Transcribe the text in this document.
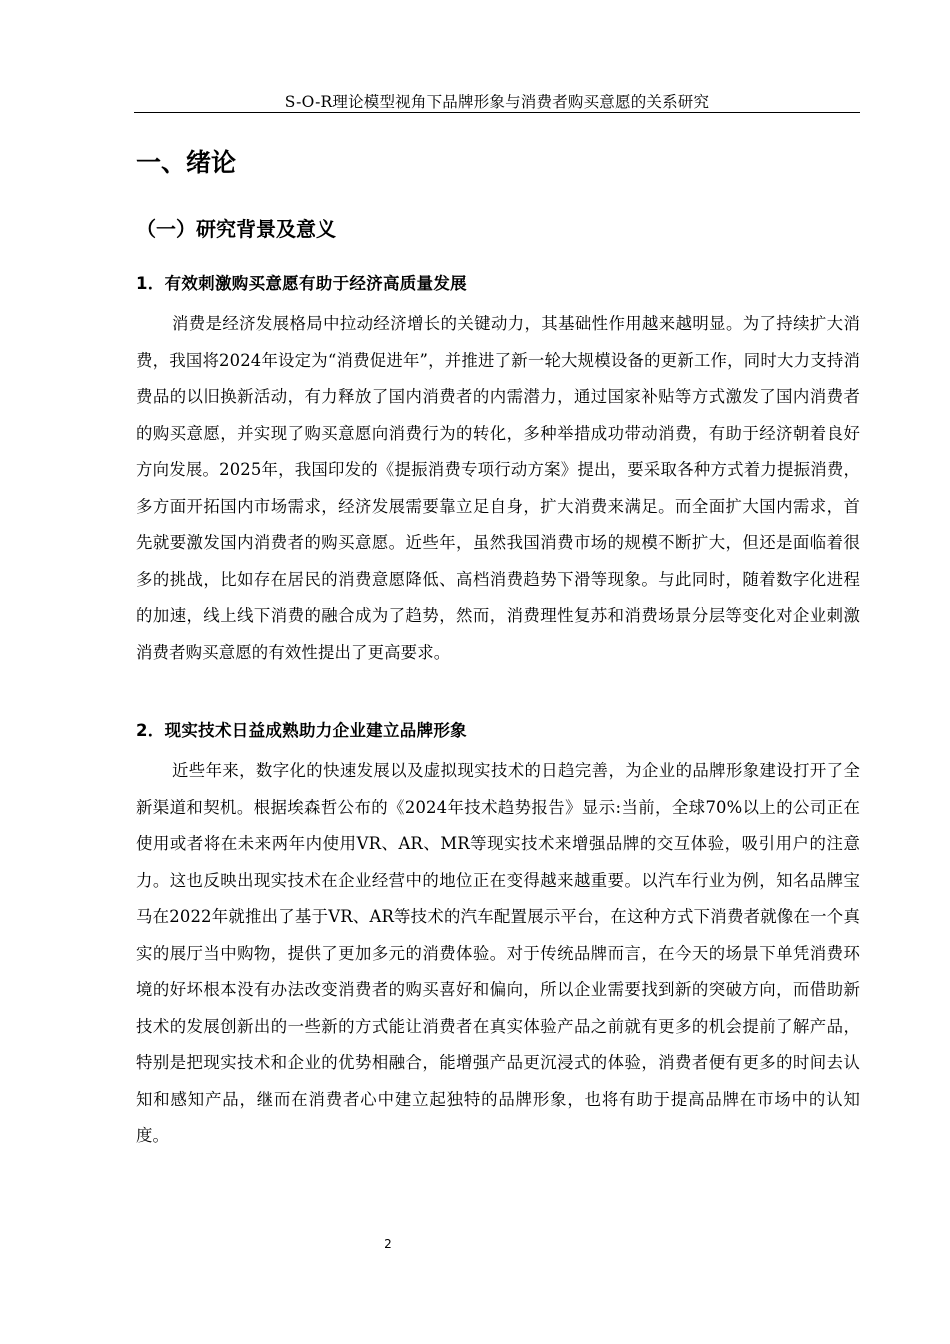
S-O-R理论模型视角下品牌形象与消费者购买意愿的关系研究
一、绪论
（一）研究背景及意义
1．有效刺激购买意愿有助于经济高质量发展

消费是经济发展格局中拉动经济增长的关键动力，其基础性作用越来越明显。为了持续扩大消费，我国将2024年设定为“消费促进年”，并推进了新一轮大规模设备的更新工作，同时大力支持消费品的以旧换新活动，有力释放了国内消费者的内需潜力，通过国家补贴等方式激发了国内消费者的购买意愿，并实现了购买意愿向消费行为的转化，多种举措成功带动消费，有助于经济朝着良好方向发展。2025年，我国印发的《提振消费专项行动方案》提出，要采取各种方式着力提振消费，多方面开拓国内市场需求，经济发展需要靠立足自身，扩大消费来满足。而全面扩大国内需求，首先就要激发国内消费者的购买意愿。近些年，虽然我国消费市场的规模不断扩大，但还是面临着很多的挑战，比如存在居民的消费意愿降低、高档消费趋势下滑等现象。与此同时，随着数字化进程的加速，线上线下消费的融合成为了趋势，然而，消费理性复苏和消费场景分层等变化对企业刺激消费者购买意愿的有效性提出了更高要求。

2．现实技术日益成熟助力企业建立品牌形象

近些年来，数字化的快速发展以及虚拟现实技术的日趋完善，为企业的品牌形象建设打开了全新渠道和契机。根据埃森哲公布的《2024年技术趋势报告》显示:当前，全球70%以上的公司正在使用或者将在未来两年内使用VR、AR、MR等现实技术来增强品牌的交互体验，吸引用户的注意力。这也反映出现实技术在企业经营中的地位正在变得越来越重要。以汽车行业为例，知名品牌宝马在2022年就推出了基于VR、AR等技术的汽车配置展示平台，在这种方式下消费者就像在一个真实的展厅当中购物，提供了更加多元的消费体验。对于传统品牌而言，在今天的场景下单凭消费环境的好坏根本没有办法改变消费者的购买喜好和偏向，所以企业需要找到新的突破方向，而借助新技术的发展创新出的一些新的方式能让消费者在真实体验产品之前就有更多的机会提前了解产品，特别是把现实技术和企业的优势相融合，能增强产品更沉浸式的体验，消费者便有更多的时间去认知和感知产品，继而在消费者心中建立起独特的品牌形象，也将有助于提高品牌在市场中的认知度。

2
